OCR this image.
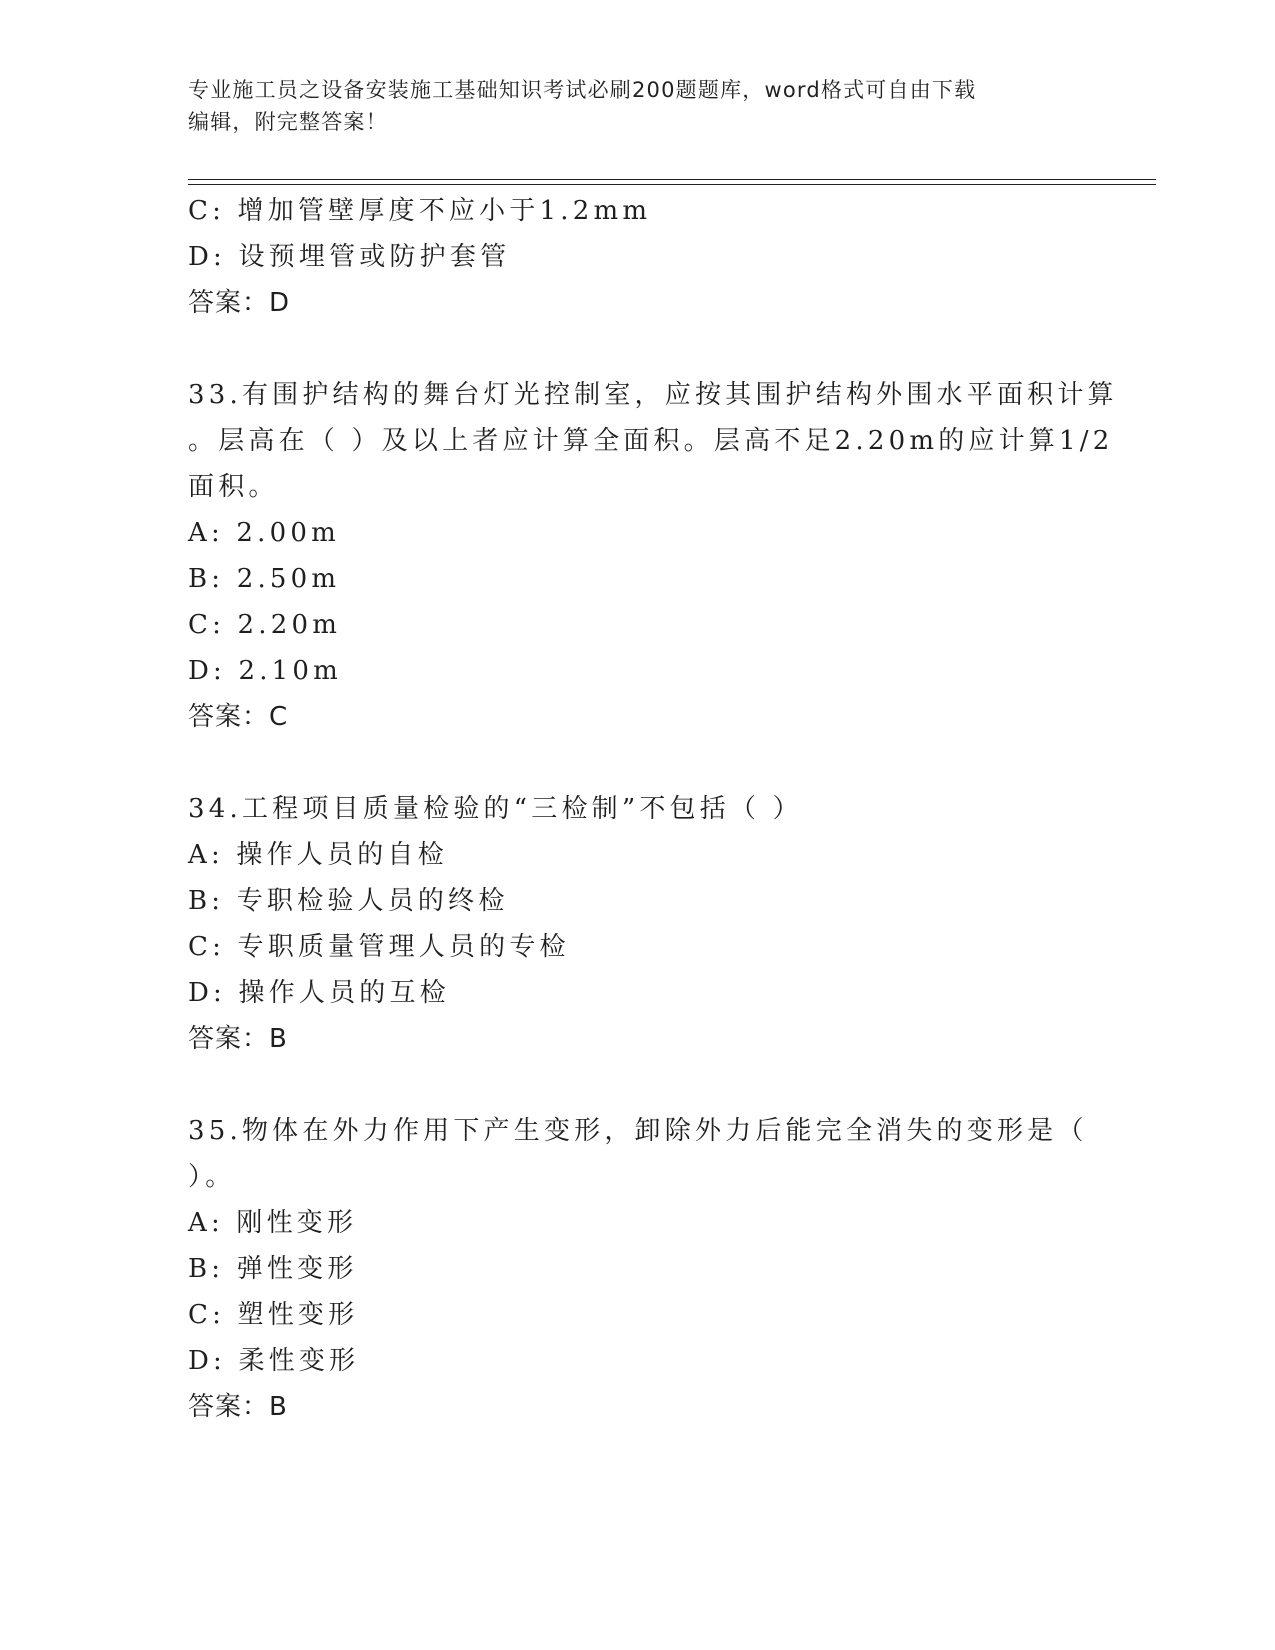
专业施工员之设备安装施工基础知识考试必刷200题题库，word格式可自由下载
编辑，附完整答案！
C: 增加管壁厚度不应小于1.2mm
D: 设预埋管或防护套管
答案：D
33.有围护结构的舞台灯光控制室，应按其围护结构外围水平面积计算
。层高在（ ）及以上者应计算全面积。层高不足2.20m的应计算1/2
面积。
A: 2.00m
B: 2.50m
C: 2.20m
D: 2.10m
答案：C
34.工程项目质量检验的“三检制”不包括（ ）
A: 操作人员的自检
B: 专职检验人员的终检
C: 专职质量管理人员的专检
D: 操作人员的互检
答案：B
35.物体在外力作用下产生变形，卸除外力后能完全消失的变形是（
）。
A: 刚性变形
B: 弹性变形
C: 塑性变形
D: 柔性变形
答案：B
